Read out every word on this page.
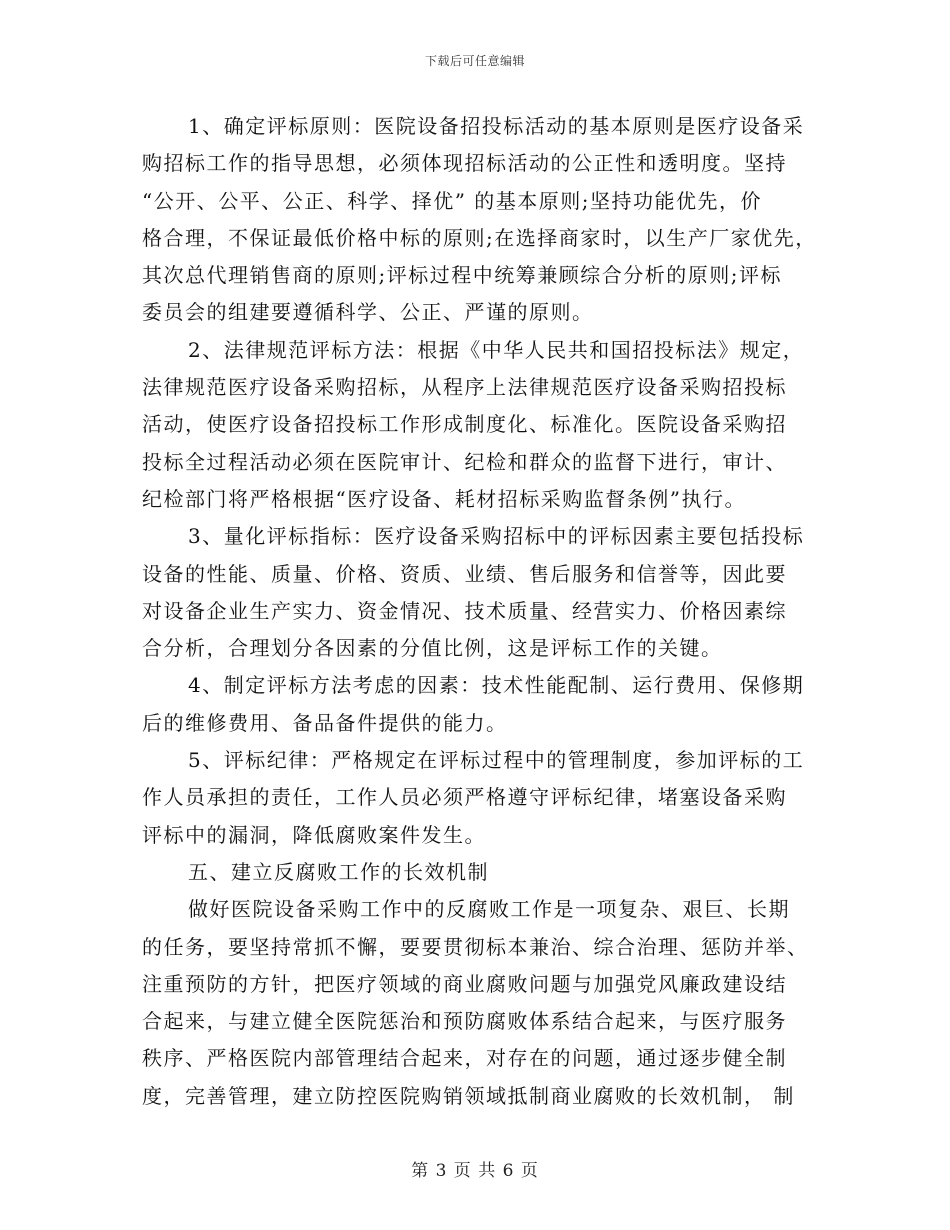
下载后可任意编辑
1、确定评标原则：医院设备招投标活动的基本原则是医疗设备采
购招标工作的指导思想，必须体现招标活动的公正性和透明度。坚持
“公开、公平、公正、科学、择优” 的基本原则;坚持功能优先，价
格合理，不保证最低价格中标的原则;在选择商家时，以生产厂家优先，
其次总代理销售商的原则;评标过程中统筹兼顾综合分析的原则;评标
委员会的组建要遵循科学、公正、严谨的原则。
2、法律规范评标方法：根据《中华人民共和国招投标法》规定，
法律规范医疗设备采购招标，从程序上法律规范医疗设备采购招投标
活动，使医疗设备招投标工作形成制度化、标准化。医院设备采购招
投标全过程活动必须在医院审计、纪检和群众的监督下进行，审计、
纪检部门将严格根据“医疗设备、耗材招标采购监督条例”执行。
3、量化评标指标：医疗设备采购招标中的评标因素主要包括投标
设备的性能、质量、价格、资质、业绩、售后服务和信誉等，因此要
对设备企业生产实力、资金情况、技术质量、经营实力、价格因素综
合分析，合理划分各因素的分值比例，这是评标工作的关键。
4、制定评标方法考虑的因素：技术性能配制、运行费用、保修期
后的维修费用、备品备件提供的能力。
5、评标纪律：严格规定在评标过程中的管理制度，参加评标的工
作人员承担的责任，工作人员必须严格遵守评标纪律，堵塞设备采购
评标中的漏洞，降低腐败案件发生。
五、建立反腐败工作的长效机制
做好医院设备采购工作中的反腐败工作是一项复杂、艰巨、长期
的任务，要坚持常抓不懈，要要贯彻标本兼治、综合治理、惩防并举、
注重预防的方针，把医疗领域的商业腐败问题与加强党风廉政建设结
合起来，与建立健全医院惩治和预防腐败体系结合起来，与医疗服务
秩序、严格医院内部管理结合起来，对存在的问题，通过逐步健全制
度，完善管理，建立防控医院购销领域抵制商业腐败的长效机制， 制
第 3 页 共 6 页
